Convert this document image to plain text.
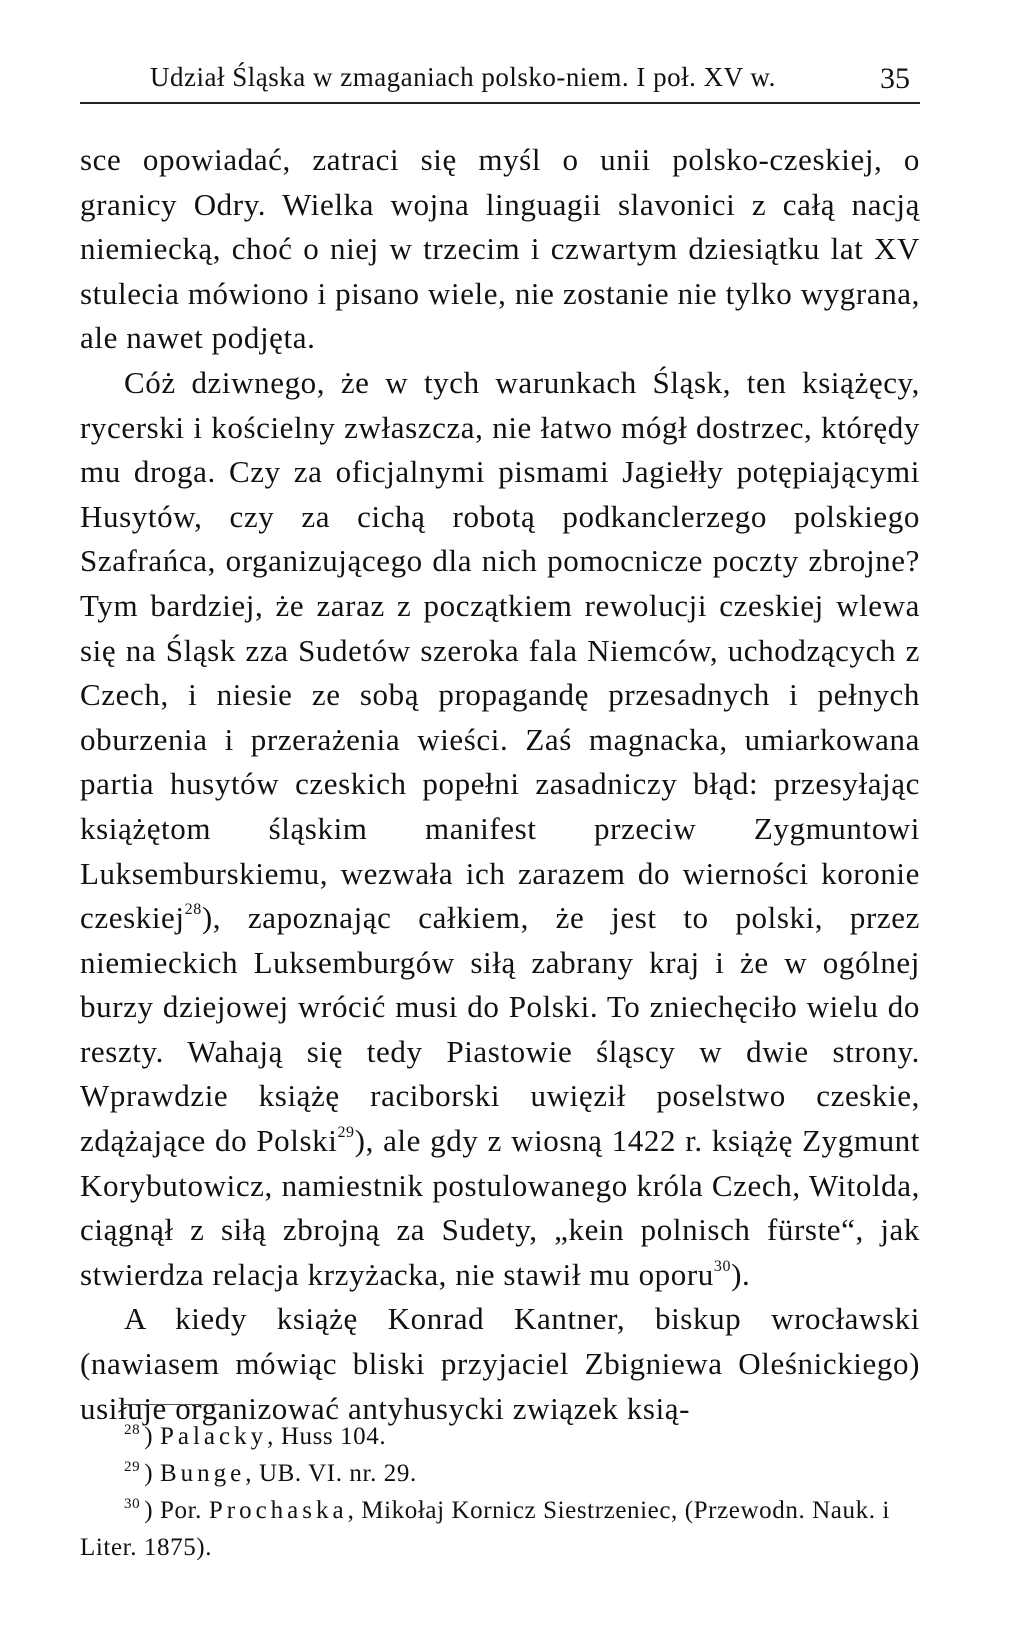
Udział Śląska w zmaganiach polsko-niem. I poł. XV w.	35

sce opowiadać, zatraci się myśl o unii polsko-czeskiej, o granicy Odry. Wielka wojna linguagii slavonici z całą nacją niemiecką, choć o niej w trzecim i czwartym dziesiątku lat XV stulecia mówiono i pisano wiele, nie zostanie nie tylko wygrana, ale nawet podjęta.

Cóż dziwnego, że w tych warunkach Śląsk, ten książęcy, rycerski i kościelny zwłaszcza, nie łatwo mógł dostrzec, którędy mu droga. Czy za oficjalnymi pismami Jagiełły potępiającymi Husytów, czy za cichą robotą podkanclerzego polskiego Szafrańca, organizującego dla nich pomocnicze poczty zbrojne? Tym bardziej, że zaraz z początkiem rewolucji czeskiej wlewa się na Śląsk zza Sudetów szeroka fala Niemców, uchodzących z Czech, i niesie ze sobą propagandę przesadnych i pełnych oburzenia i przerażenia wieści. Zaś magnacka, umiarkowana partia husytów czeskich popełni zasadniczy błąd: przesyłając książętom śląskim manifest przeciw Zygmuntowi Luksemburskiemu, wezwała ich zarazem do wierności koronie czeskiej$^{28}$), zapoznając całkiem, że jest to polski, przez niemieckich Luksemburgów siłą zabrany kraj i że w ogólnej burzy dziejowej wrócić musi do Polski. To zniechęciło wielu do reszty. Wahają się tedy Piastowie śląscy w dwie strony. Wprawdzie książę raciborski uwięził poselstwo czeskie, zdążające do Polski$^{29}$), ale gdy z wiosną 1422 r. książę Zygmunt Korybutowicz, namiestnik postulowanego króla Czech, Witolda, ciągnął z siłą zbrojną za Sudety, „kein polnisch fürste“, jak stwierdza relacja krzyżacka, nie stawił mu oporu$^{30}$).

A kiedy książę Konrad Kantner, biskup wrocławski (nawiasem mówiąc bliski przyjaciel Zbigniewa Oleśnickiego) usiłuje organizować antyhusycki związek ksią-

$^{28}$ ) Palacky, Huss 104.

$^{29}$ ) Bunge, UB. VI. nr. 29.

$^{30}$ ) Por. Prochaska, Mikołaj Kornicz Siestrzeniec, (Przewodn. Nauk. i Liter. 1875).
